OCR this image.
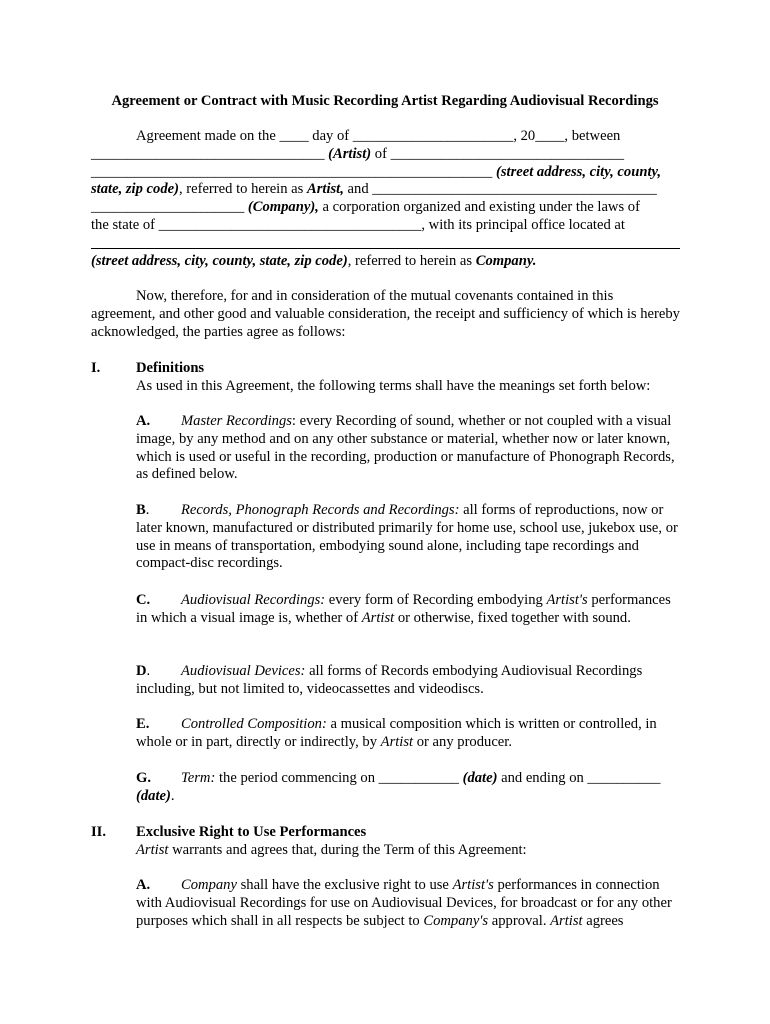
Agreement or Contract with Music Recording Artist Regarding Audiovisual Recordings
Agreement made on the ____ day of ______________________, 20____, between
________________________________ (Artist) of ________________________________
_______________________________________________________ (street address, city, county,
state, zip code), referred to herein as Artist, and _______________________________________
_____________________ (Company), a corporation organized and existing under the laws of
the state of ____________________________________, with its principal office located at
(street address, city, county, state, zip code), referred to herein as Company.
Now, therefore, for and in consideration of the mutual covenants contained in this agreement, and other good and valuable consideration, the receipt and sufficiency of which is hereby acknowledged, the parties agree as follows:
I. Definitions
As used in this Agreement, the following terms shall have the meanings set forth below:
A. Master Recordings: every Recording of sound, whether or not coupled with a visual image, by any method and on any other substance or material, whether now or later known, which is used or useful in the recording, production or manufacture of Phonograph Records, as defined below.
B. Records, Phonograph Records and Recordings: all forms of reproductions, now or later known, manufactured or distributed primarily for home use, school use, jukebox use, or use in means of transportation, embodying sound alone, including tape recordings and compact-disc recordings.
C. Audiovisual Recordings: every form of Recording embodying Artist's performances in which a visual image is, whether of Artist or otherwise, fixed together with sound.
D. Audiovisual Devices: all forms of Records embodying Audiovisual Recordings including, but not limited to, videocassettes and videodiscs.
E. Controlled Composition: a musical composition which is written or controlled, in whole or in part, directly or indirectly, by Artist or any producer.
G. Term: the period commencing on ___________ (date) and ending on __________ (date).
II. Exclusive Right to Use Performances
Artist warrants and agrees that, during the Term of this Agreement:
A. Company shall have the exclusive right to use Artist's performances in connection with Audiovisual Recordings for use on Audiovisual Devices, for broadcast or for any other purposes which shall in all respects be subject to Company's approval. Artist agrees
